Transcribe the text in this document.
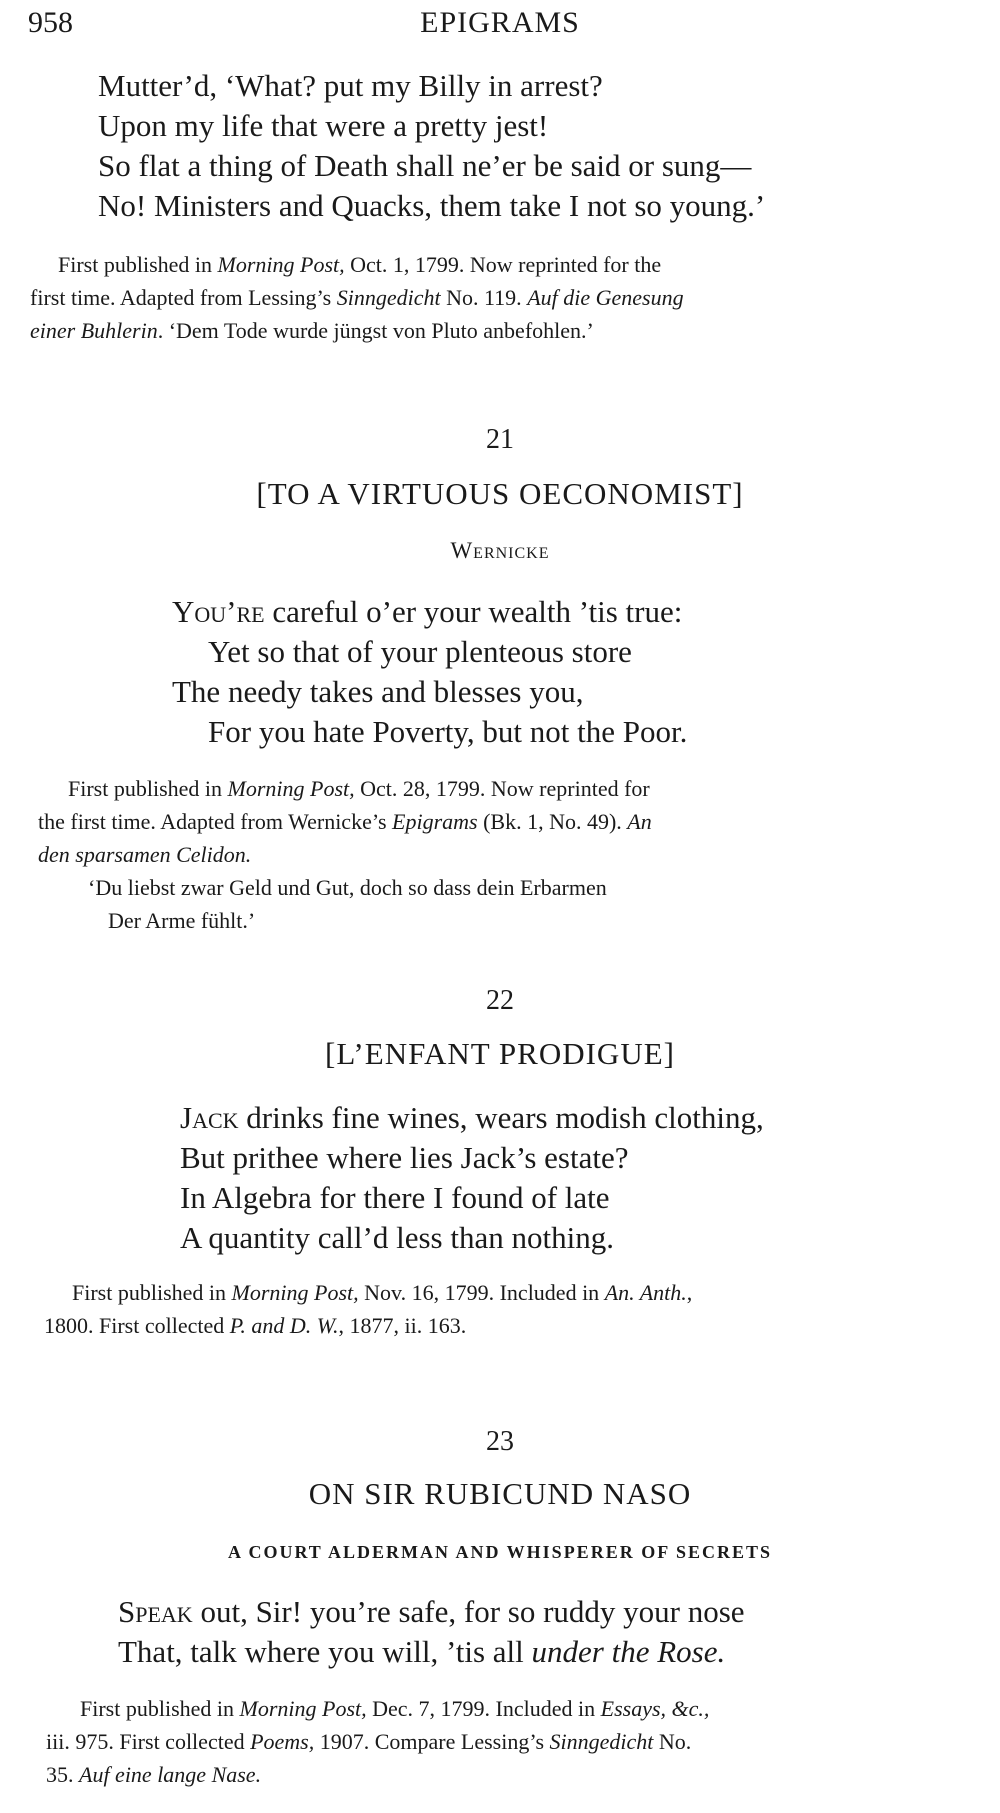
958	EPIGRAMS
Mutter’d, ‘What? put my Billy in arrest?
Upon my life that were a pretty jest!
So flat a thing of Death shall ne’er be said or sung—
No! Ministers and Quacks, them take I not so young.’
First published in Morning Post, Oct. 1, 1799. Now reprinted for the
first time. Adapted from Lessing’s Sinngedicht No. 119. Auf die Genesung
einer Buhlerin. ‘Dem Tode wurde jüngst von Pluto anbefohlen.’
21
[TO A VIRTUOUS OECONOMIST]
Wernicke
You’re careful o’er your wealth ’tis true:
Yet so that of your plenteous store
The needy takes and blesses you,
For you hate Poverty, but not the Poor.
First published in Morning Post, Oct. 28, 1799. Now reprinted for
the first time. Adapted from Wernicke’s Epigrams (Bk. 1, No. 49). An
den sparsamen Celidon.
‘Du liebst zwar Geld und Gut, doch so dass dein Erbarmen
Der Arme fühlt.’
22
[L’ENFANT PRODIGUE]
Jack drinks fine wines, wears modish clothing,
But prithee where lies Jack’s estate?
In Algebra for there I found of late
A quantity call’d less than nothing.
First published in Morning Post, Nov. 16, 1799. Included in An. Anth.,
1800. First collected P. and D. W., 1877, ii. 163.
23
ON SIR RUBICUND NASO
A COURT ALDERMAN AND WHISPERER OF SECRETS
Speak out, Sir! you’re safe, for so ruddy your nose
That, talk where you will, ’tis all under the Rose.
First published in Morning Post, Dec. 7, 1799. Included in Essays, &c.,
iii. 975. First collected Poems, 1907. Compare Lessing’s Sinngedicht No.
35. Auf eine lange Nase.
